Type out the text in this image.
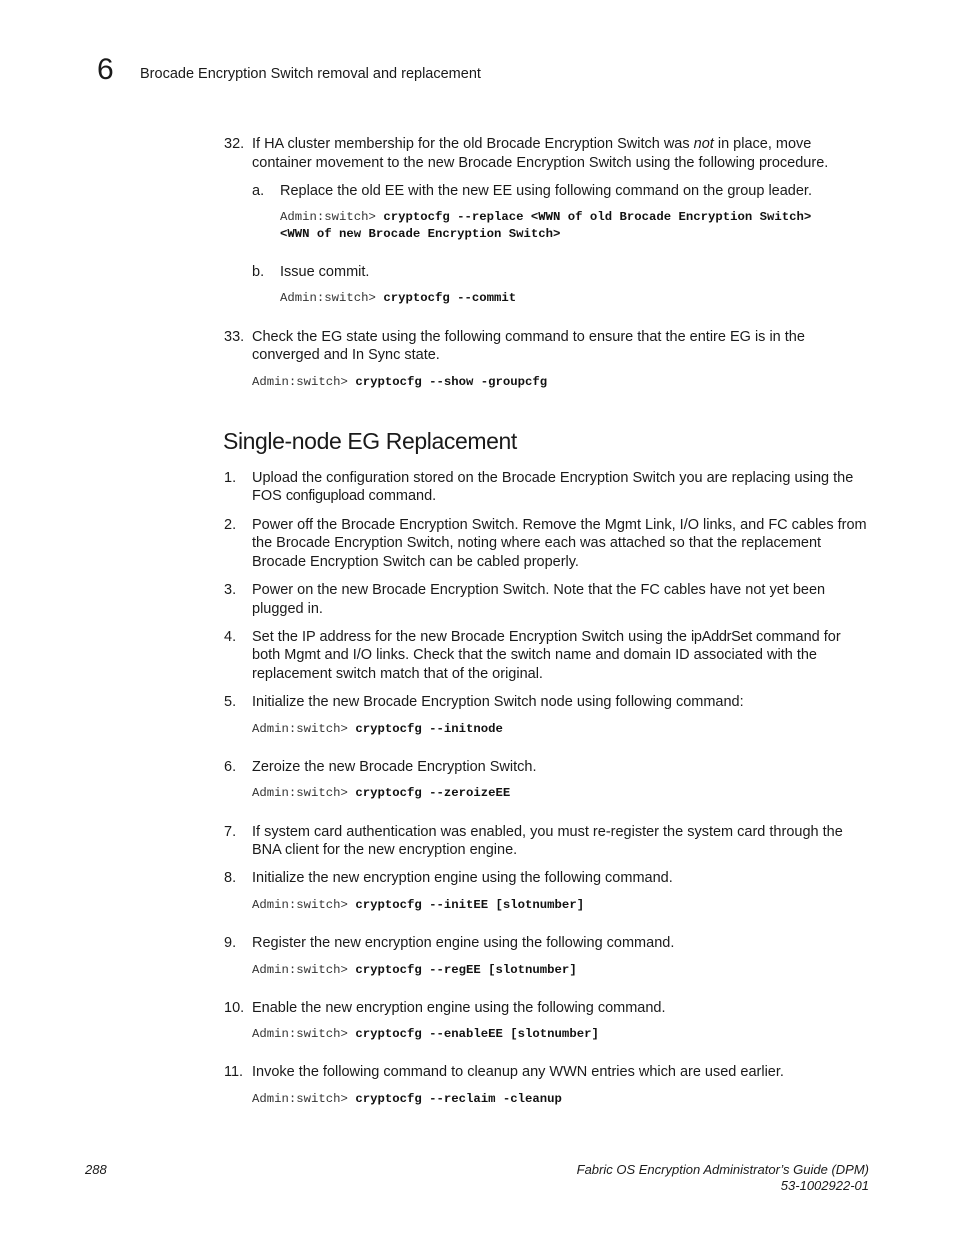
6 Brocade Encryption Switch removal and replacement
32. If HA cluster membership for the old Brocade Encryption Switch was not in place, move
container movement to the new Brocade Encryption Switch using the following procedure.
a. Replace the old EE with the new EE using following command on the group leader.
Admin:switch> cryptocfg --replace <WWN of old Brocade Encryption Switch>
<WWN of new Brocade Encryption Switch>
b. Issue commit.
Admin:switch> cryptocfg --commit
33. Check the EG state using the following command to ensure that the entire EG is in the
converged and In Sync state.
Admin:switch> cryptocfg --show -groupcfg
Single-node EG Replacement
1. Upload the configuration stored on the Brocade Encryption Switch you are replacing using the
FOS configupload command.
2. Power off the Brocade Encryption Switch. Remove the Mgmt Link, I/O links, and FC cables from
the Brocade Encryption Switch, noting where each was attached so that the replacement
Brocade Encryption Switch can be cabled properly.
3. Power on the new Brocade Encryption Switch. Note that the FC cables have not yet been
plugged in.
4. Set the IP address for the new Brocade Encryption Switch using the ipAddrSet command for
both Mgmt and I/O links. Check that the switch name and domain ID associated with the
replacement switch match that of the original.
5. Initialize the new Brocade Encryption Switch node using following command:
Admin:switch> cryptocfg --initnode
6. Zeroize the new Brocade Encryption Switch.
Admin:switch> cryptocfg --zeroizeEE
7. If system card authentication was enabled, you must re-register the system card through the
BNA client for the new encryption engine.
8. Initialize the new encryption engine using the following command.
Admin:switch> cryptocfg --initEE [slotnumber]
9. Register the new encryption engine using the following command.
Admin:switch> cryptocfg --regEE [slotnumber]
10. Enable the new encryption engine using the following command.
Admin:switch> cryptocfg --enableEE [slotnumber]
11. Invoke the following command to cleanup any WWN entries which are used earlier.
Admin:switch> cryptocfg --reclaim -cleanup
288	Fabric OS Encryption Administrator’s Guide (DPM)
53-1002922-01
